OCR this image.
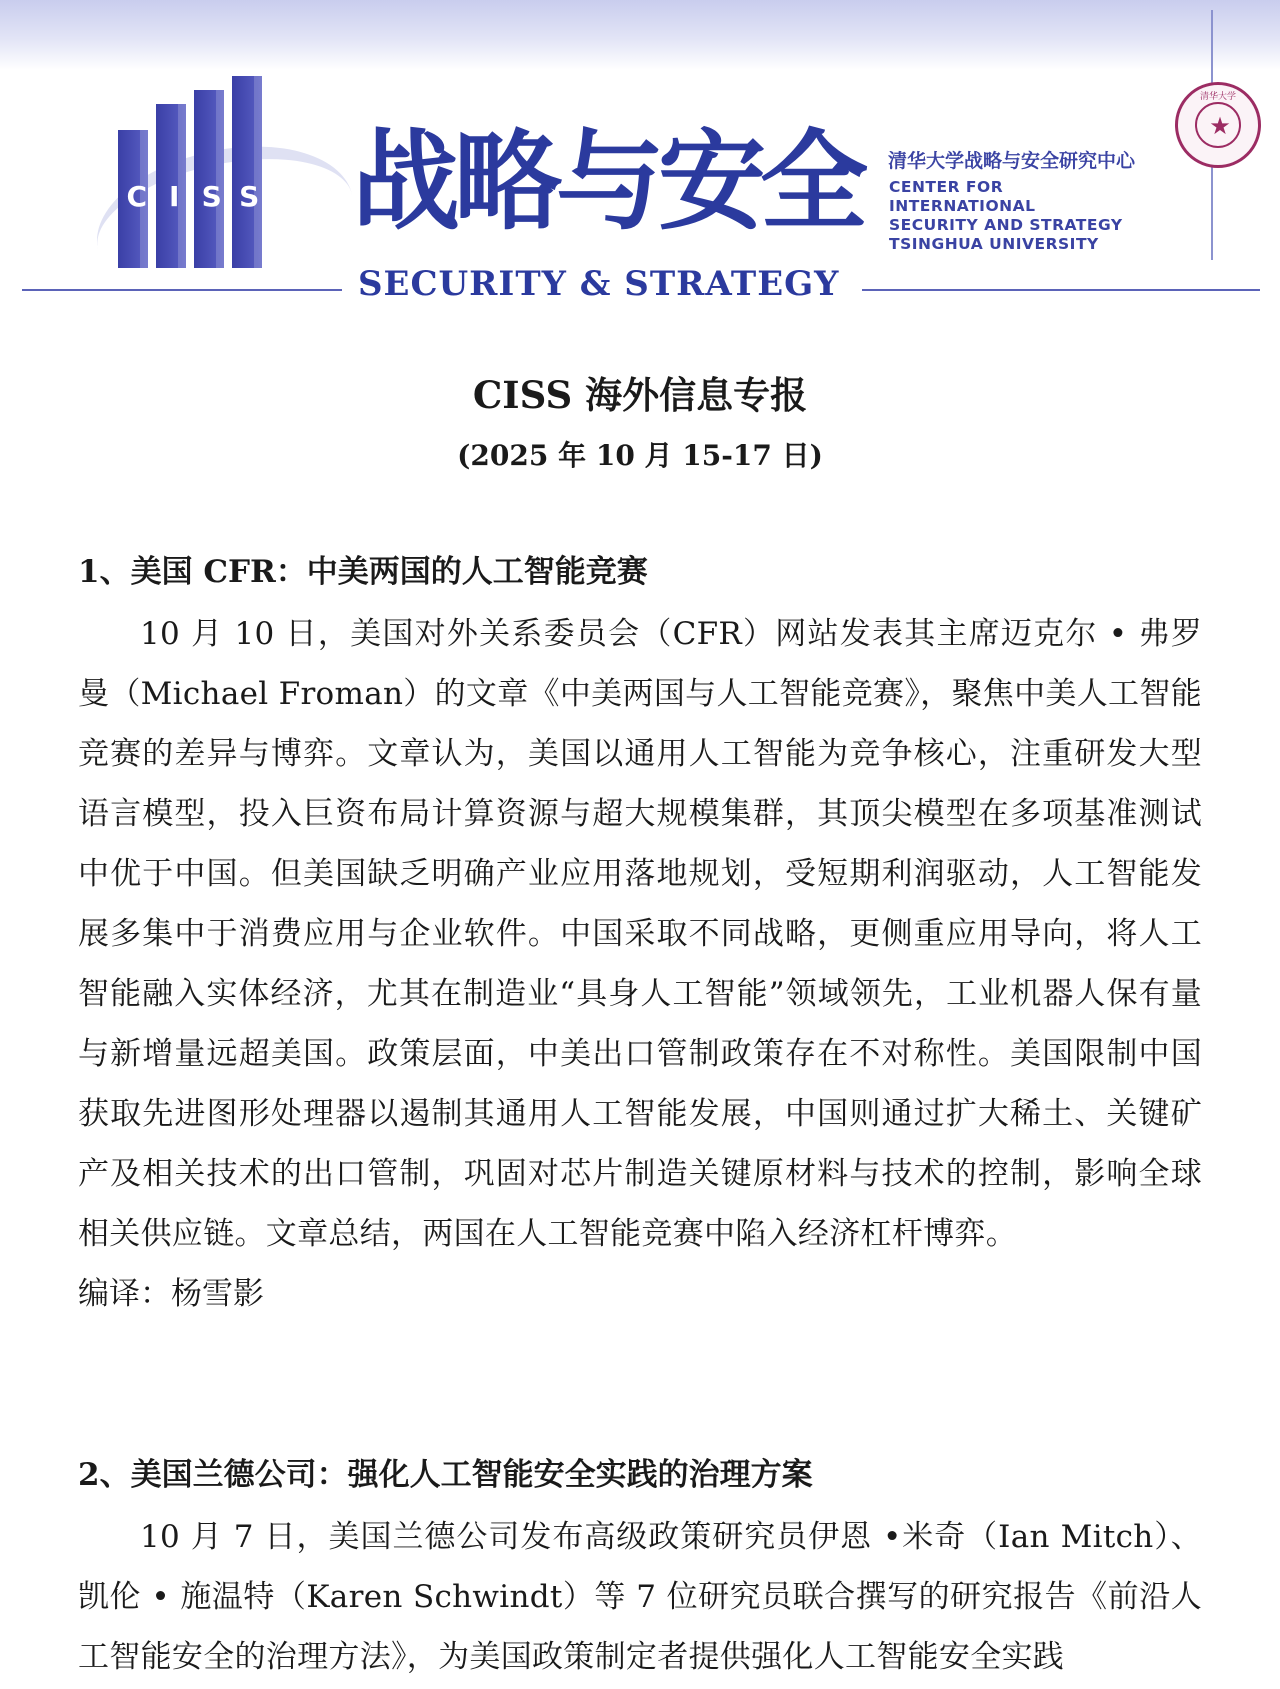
C I S S 战略与安全
SECURITY & STRATEGY
清华大学战略与安全研究中心
CENTER FOR
INTERNATIONAL
SECURITY AND STRATEGY
TSINGHUA UNIVERSITY
清华大学
★
CISS 海外信息专报
(2025 年 10 月 15-17 日)
1、美国 CFR：中美两国的人工智能竞赛
10 月 10 日，美国对外关系委员会（CFR）网站发表其主席迈克尔 • 弗罗曼（Michael Froman）的文章《中美两国与人工智能竞赛》，聚焦中美人工智能竞赛的差异与博弈。文章认为，美国以通用人工智能为竞争核心，注重研发大型语言模型，投入巨资布局计算资源与超大规模集群，其顶尖模型在多项基准测试中优于中国。但美国缺乏明确产业应用落地规划，受短期利润驱动，人工智能发展多集中于消费应用与企业软件。中国采取不同战略，更侧重应用导向，将人工智能融入实体经济，尤其在制造业“具身人工智能”领域领先，工业机器人保有量与新增量远超美国。政策层面，中美出口管制政策存在不对称性。美国限制中国获取先进图形处理器以遏制其通用人工智能发展，中国则通过扩大稀土、关键矿产及相关技术的出口管制，巩固对芯片制造关键原材料与技术的控制，影响全球相关供应链。文章总结，两国在人工智能竞赛中陷入经济杠杆博弈。
编译：杨雪影
2、美国兰德公司：强化人工智能安全实践的治理方案
10 月 7 日，美国兰德公司发布高级政策研究员伊恩 •米奇（Ian Mitch）、凯伦 • 施温特（Karen Schwindt）等 7 位研究员联合撰写的研究报告《前沿人工智能安全的治理方法》，为美国政策制定者提供强化人工智能安全实践
